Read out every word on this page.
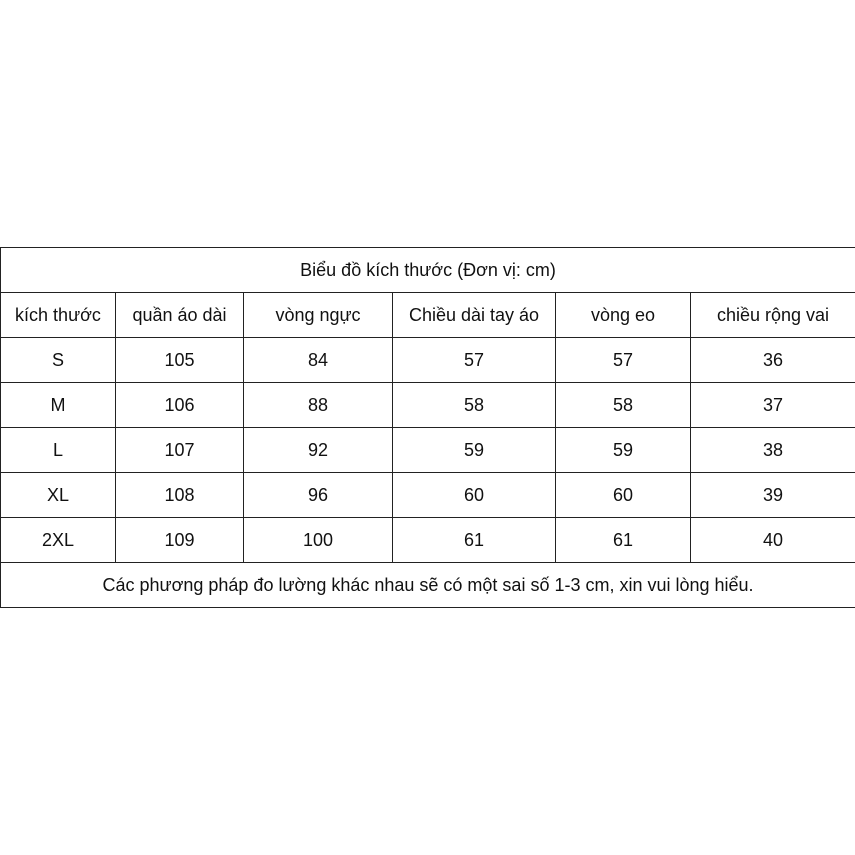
Biểu đồ kích thước (Đơn vị: cm)					
kích thước	quần áo dài	vòng ngực	Chiều dài tay áo	vòng eo	chiều rộng vai
S	105	84	57	57	36
M	106	88	58	58	37
L	107	92	59	59	38
XL	108	96	60	60	39
2XL	109	100	61	61	40
Các phương pháp đo lường khác nhau sẽ có một sai số 1-3 cm, xin vui lòng hiểu.					
